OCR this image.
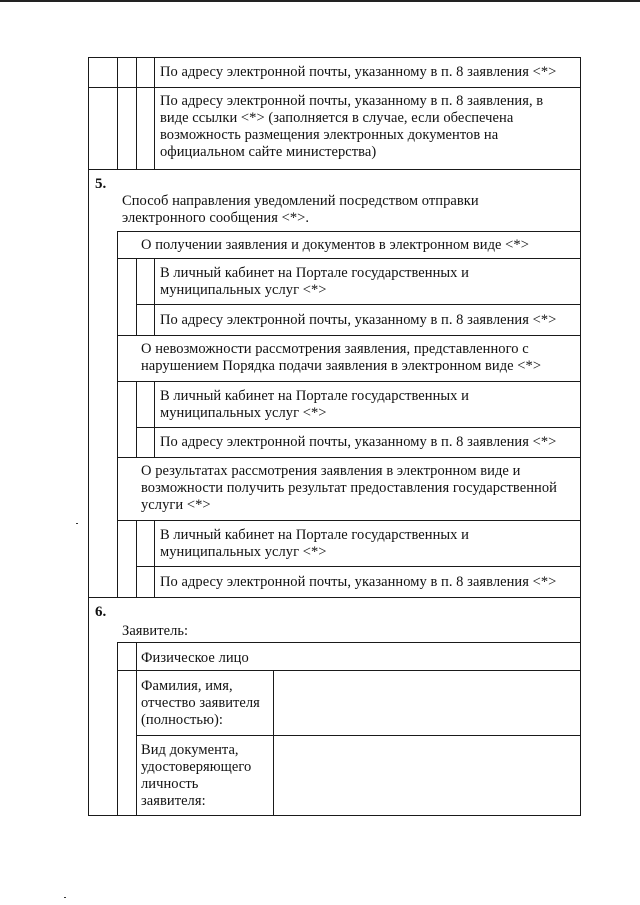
По адресу электронной почты, указанному в п. 8 заявления <*>
По адресу электронной почты, указанному в п. 8 заявления, в
виде ссылки <*> (заполняется в случае, если обеспечена
возможность размещения электронных документов на
официальном сайте министерства)
5.
Способ направления уведомлений посредством отправки
электронного сообщения <*>.
О получении заявления и документов в электронном виде <*>
В личный кабинет на Портале государственных и
муниципальных услуг <*>
По адресу электронной почты, указанному в п. 8 заявления <*>
О невозможности рассмотрения заявления, представленного с
нарушением Порядка подачи заявления в электронном виде <*>
В личный кабинет на Портале государственных и
муниципальных услуг <*>
По адресу электронной почты, указанному в п. 8 заявления <*>
О результатах рассмотрения заявления в электронном виде и
возможности получить результат предоставления государственной
услуги <*>
В личный кабинет на Портале государственных и
муниципальных услуг <*>
По адресу электронной почты, указанному в п. 8 заявления <*>
6.
Заявитель:
Физическое лицо
Фамилия, имя,
отчество заявителя
(полностью):
Вид документа,
удостоверяющего
личность
заявителя:
